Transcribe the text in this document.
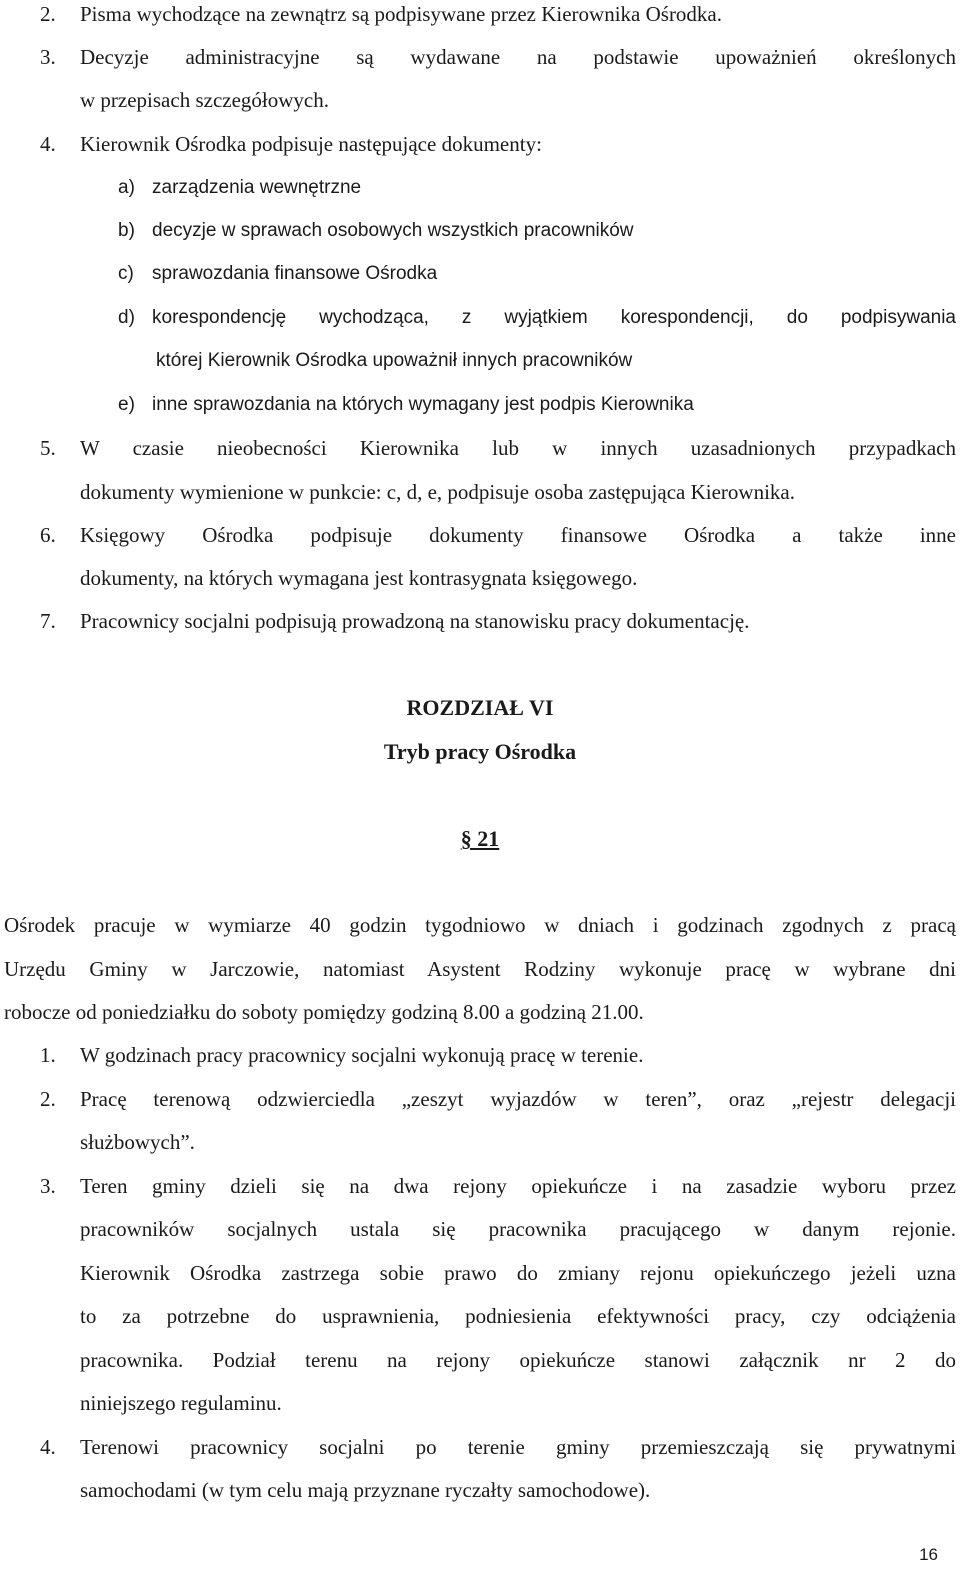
2. Pisma wychodzące na zewnątrz są podpisywane przez Kierownika Ośrodka.
3. Decyzje administracyjne są wydawane na podstawie upoważnień określonych
w przepisach szczegółowych.
4. Kierownik Ośrodka podpisuje następujące dokumenty:
a) zarządzenia wewnętrzne
b) decyzje w sprawach osobowych wszystkich pracowników
c) sprawozdania finansowe Ośrodka
d) korespondencję wychodząca, z wyjątkiem korespondencji, do podpisywania
której Kierownik Ośrodka upoważnił innych pracowników
e) inne sprawozdania na których wymagany jest podpis Kierownika
5. W czasie nieobecności Kierownika lub w innych uzasadnionych przypadkach
dokumenty wymienione w punkcie: c, d, e, podpisuje osoba zastępująca Kierownika.
6. Księgowy Ośrodka podpisuje dokumenty finansowe Ośrodka a także inne
dokumenty, na których wymagana jest kontrasygnata księgowego.
7. Pracownicy socjalni podpisują prowadzoną na stanowisku pracy dokumentację.
ROZDZIAŁ VI
Tryb pracy Ośrodka
§ 21
Ośrodek pracuje w wymiarze 40 godzin tygodniowo w dniach i godzinach zgodnych z pracą
Urzędu Gminy w Jarczowie, natomiast Asystent Rodziny wykonuje pracę w wybrane dni
robocze od poniedziałku do soboty pomiędzy godziną 8.00 a godziną 21.00.
1. W godzinach pracy pracownicy socjalni wykonują pracę w terenie.
2. Pracę terenową odzwierciedla „zeszyt wyjazdów w teren”, oraz „rejestr delegacji
służbowych”.
3. Teren gminy dzieli się na dwa rejony opiekuńcze i na zasadzie wyboru przez
pracowników socjalnych ustala się pracownika pracującego w danym rejonie.
Kierownik Ośrodka zastrzega sobie prawo do zmiany rejonu opiekuńczego jeżeli uzna
to za potrzebne do usprawnienia, podniesienia efektywności pracy, czy odciążenia
pracownika. Podział terenu na rejony opiekuńcze stanowi załącznik nr 2 do
niniejszego regulaminu.
4. Terenowi pracownicy socjalni po terenie gminy przemieszczają się prywatnymi
samochodami (w tym celu mają przyznane ryczałty samochodowe).
16
